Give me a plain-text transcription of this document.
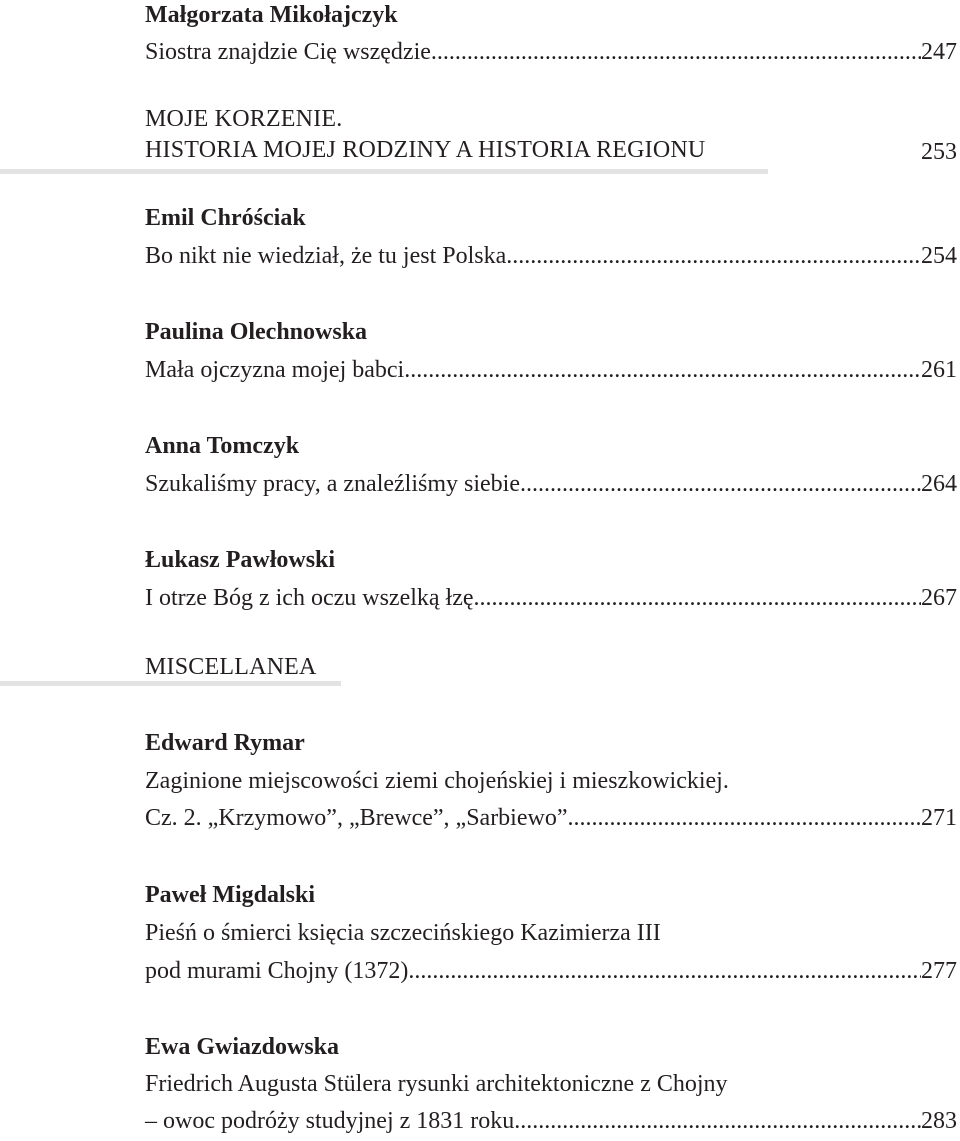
Małgorzata Mikołajczyk
Siostra znajdzie Cię wszędzie .....	247
MOJE KORZENIE.
HISTORIA MOJEJ RODZINY A HISTORIA REGIONU	253
Emil Chróściak
Bo nikt nie wiedział, że tu jest Polska. .....	254
Paulina Olechnowska
Mała ojczyzna mojej babci. .....	261
Anna Tomczyk
Szukaliśmy pracy, a znaleźliśmy siebie .....	264
Łukasz Pawłowski
I otrze Bóg z ich oczu wszelką łzę .....	267
MISCELLANEA
Edward Rymar
Zaginione miejscowości ziemi chojeńskiej i mieszkowickiej.
Cz. 2. „Krzymowo”, „Brewce”, „Sarbiewo” .....	271
Paweł Migdalski
Pieśń o śmierci księcia szczecińskiego Kazimierza III
pod murami Chojny (1372) .....	277
Ewa Gwiazdowska
Friedrich Augusta Stülera rysunki architektoniczne z Chojny
– owoc podróży studyjnej z 1831 roku .....	283
